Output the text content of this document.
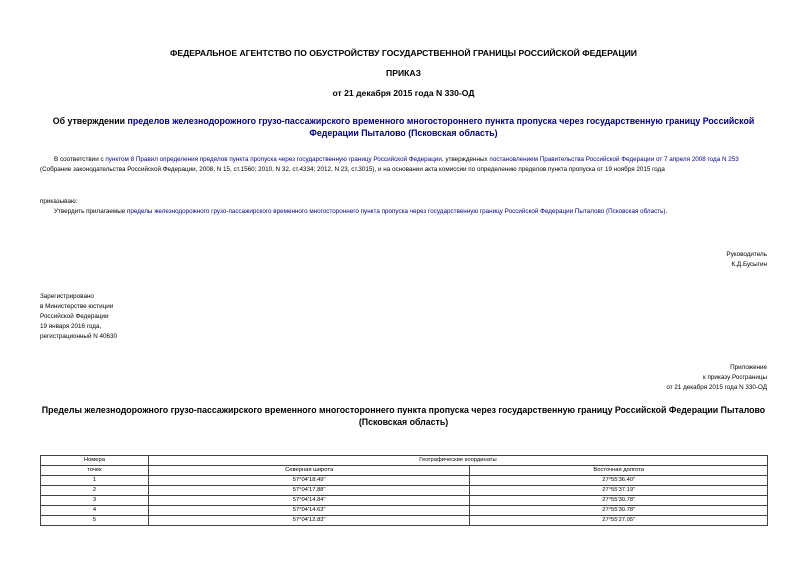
ФЕДЕРАЛЬНОЕ АГЕНТСТВО ПО ОБУСТРОЙСТВУ ГОСУДАРСТВЕННОЙ ГРАНИЦЫ РОССИЙСКОЙ ФЕДЕРАЦИИ
ПРИКАЗ
от 21 декабря 2015 года N 330-ОД
Об утверждении пределов железнодорожного грузо-пассажирского временного многостороннего пункта пропуска через государственную границу Российской Федерации Пыталово (Псковская область)
В соответствии с пунктом 8 Правил определения пределов пункта пропуска через государственную границу Российской Федерации, утвержденных постановлением Правительства Российской Федерации от 7 апреля 2008 года N 253 (Собрание законодательства Российской Федерации, 2008, N 15, ст.1560; 2010, N 32, ст.4334; 2012, N 23, ст.3015), и на основании акта комиссии по определению пределов пункта пропуска от 19 ноября 2015 года
приказываю:
Утвердить прилагаемые пределы железнодорожного грузо-пассажирского временного многостороннего пункта пропуска через государственную границу Российской Федерации Пыталово (Псковская область).
Руководитель
К.Д.Бусыгин
Зарегистрировано
в Министерстве юстиции
Российской Федерации
19 января 2016 года,
регистрационный N 40630
Приложение
к приказу Росграницы
от 21 декабря 2015 года N 330-ОД
Пределы железнодорожного грузо-пассажирского временного многостороннего пункта пропуска через государственную границу Российской Федерации Пыталово (Псковская область)
Номера	Географические координаты	
точек	Северная широта	Восточная долгота
1	57°04'18.49"	27°55'36.40"
2	57°04'17.88"	27°55'37.19"
3	57°04'14.84"	27°55'30.78"
4	57°04'14.63"	27°55'30.78"
5	57°04'12.83"	27°55'27.05"
